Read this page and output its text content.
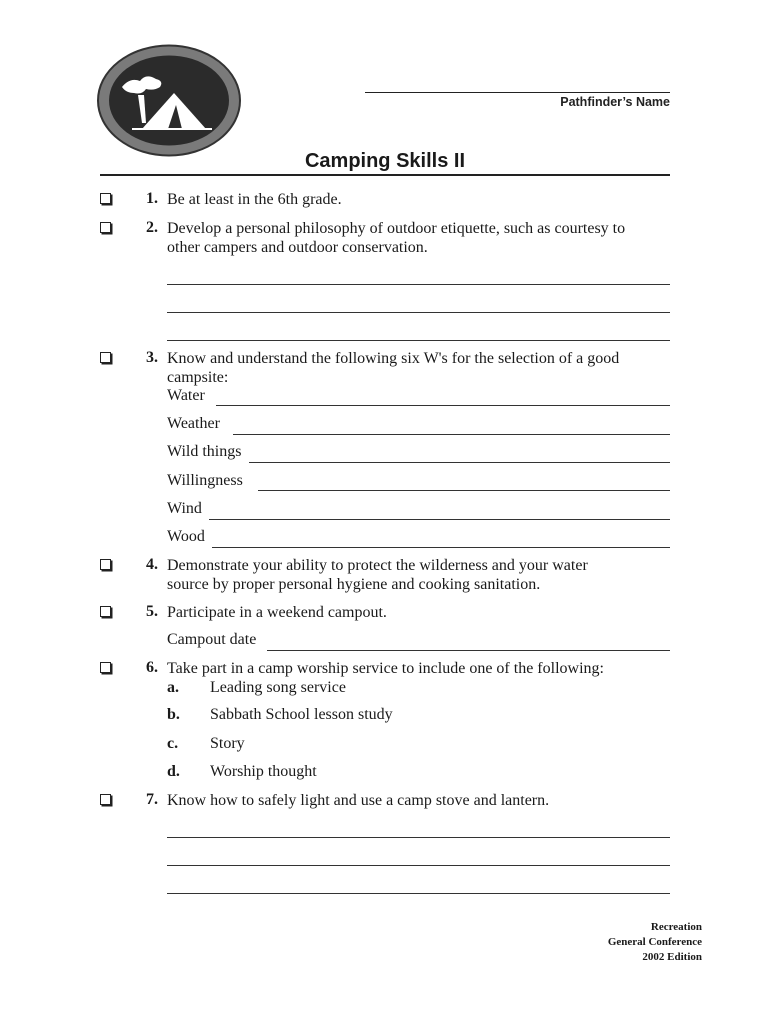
Pathfinder’s Name
Camping Skills II
1. Be at least in the 6th grade.
2. Develop a personal philosophy of outdoor etiquette, such as courtesy to
other campers and outdoor conservation.
3. Know and understand the following six W's for the selection of a good
campsite:
Water
Weather
Wild things
Willingness
Wind
Wood
4. Demonstrate your ability to protect the wilderness and your water
source by proper personal hygiene and cooking sanitation.
5. Participate in a weekend campout.
Campout date
6. Take part in a camp worship service to include one of the following:
a. Leading song service
b. Sabbath School lesson study
c. Story
d. Worship thought
7. Know how to safely light and use a camp stove and lantern.
Recreation
General Conference
2002 Edition
